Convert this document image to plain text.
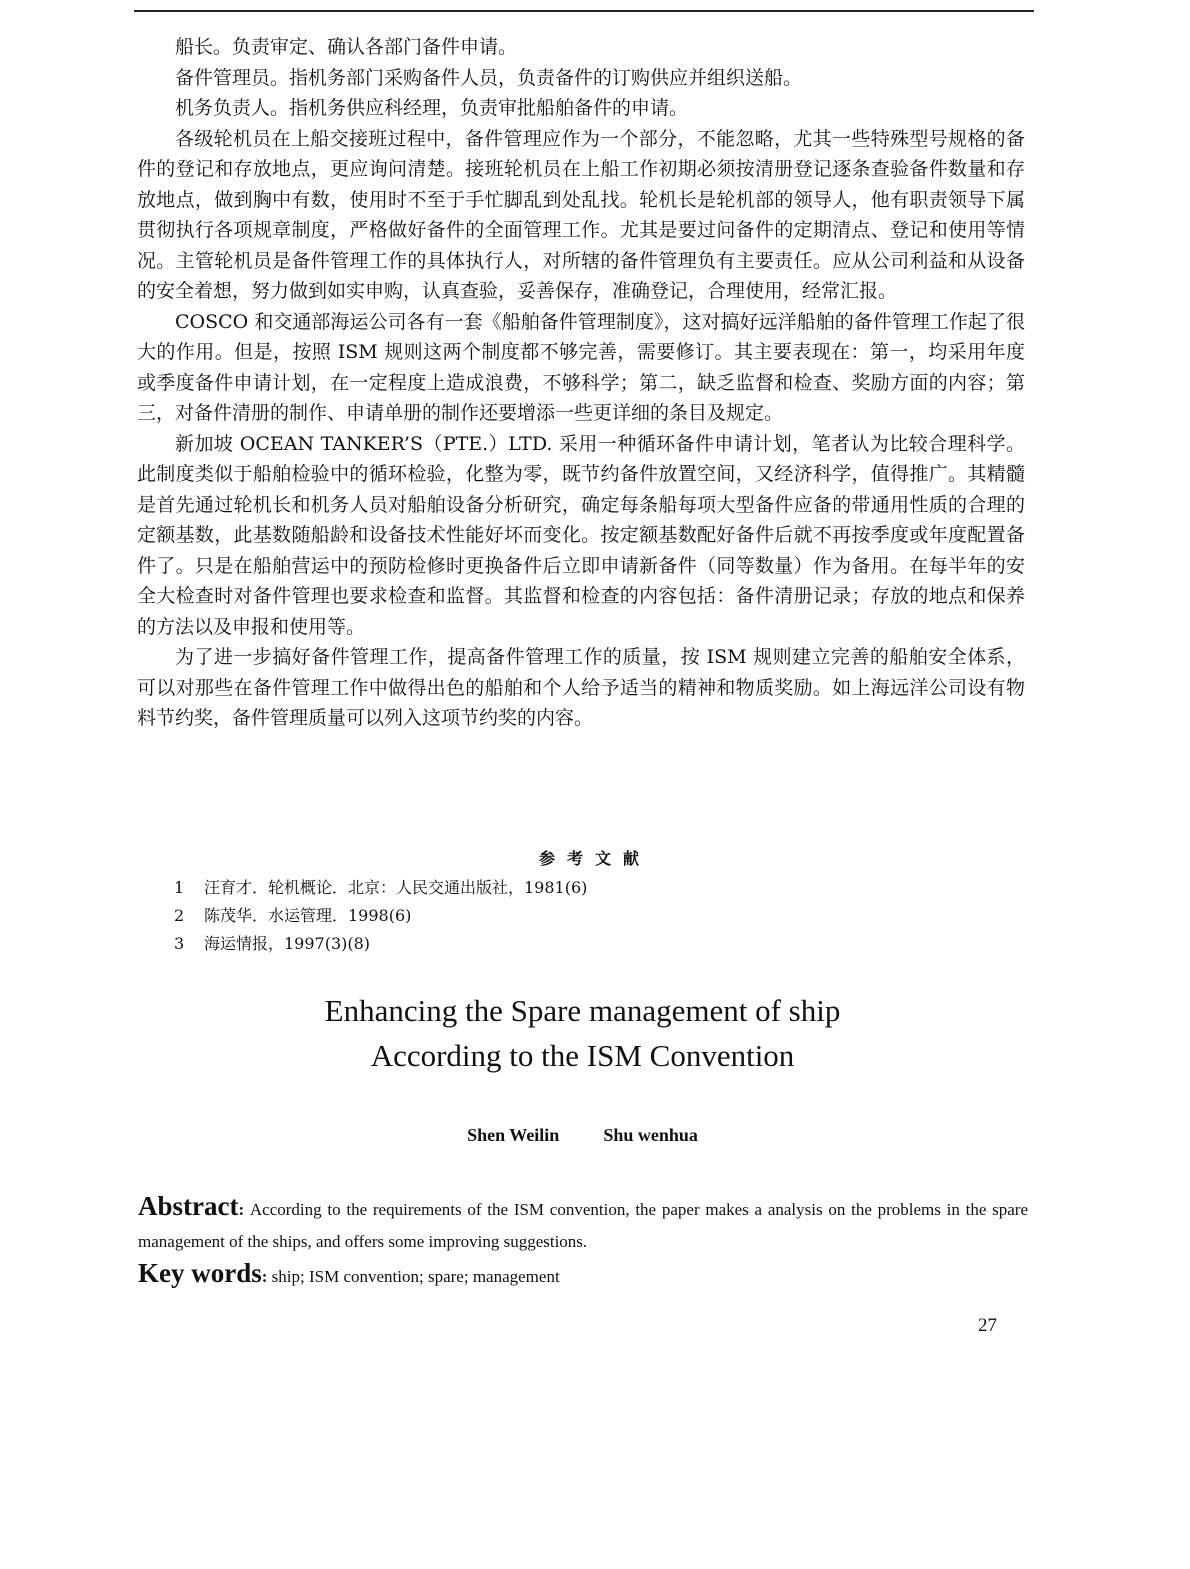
船长。负责审定、确认各部门备件申请。

备件管理员。指机务部门采购备件人员，负责备件的订购供应并组织送船。

机务负责人。指机务供应科经理，负责审批船舶备件的申请。

各级轮机员在上船交接班过程中，备件管理应作为一个部分，不能忽略，尤其一些特殊型号规格的备件的登记和存放地点，更应询问清楚。接班轮机员在上船工作初期必须按清册登记逐条查验备件数量和存放地点，做到胸中有数，使用时不至于手忙脚乱到处乱找。轮机长是轮机部的领导人，他有职责领导下属贯彻执行各项规章制度，严格做好备件的全面管理工作。尤其是要过问备件的定期清点、登记和使用等情况。主管轮机员是备件管理工作的具体执行人，对所辖的备件管理负有主要责任。应从公司利益和从设备的安全着想，努力做到如实申购，认真查验，妥善保存，准确登记，合理使用，经常汇报。

COSCO 和交通部海运公司各有一套《船舶备件管理制度》，这对搞好远洋船舶的备件管理工作起了很大的作用。但是，按照 ISM 规则这两个制度都不够完善，需要修订。其主要表现在：第一，均采用年度或季度备件申请计划，在一定程度上造成浪费，不够科学；第二，缺乏监督和检查、奖励方面的内容；第三，对备件清册的制作、申请单册的制作还要增添一些更详细的条目及规定。

新加坡 OCEAN TANKER’S（PTE.）LTD. 采用一种循环备件申请计划，笔者认为比较合理科学。此制度类似于船舶检验中的循环检验，化整为零，既节约备件放置空间，又经济科学，值得推广。其精髓是首先通过轮机长和机务人员对船舶设备分析研究，确定每条船每项大型备件应备的带通用性质的合理的定额基数，此基数随船龄和设备技术性能好坏而变化。按定额基数配好备件后就不再按季度或年度配置备件了。只是在船舶营运中的预防检修时更换备件后立即申请新备件（同等数量）作为备用。在每半年的安全大检查时对备件管理也要求检查和监督。其监督和检查的内容包括：备件清册记录；存放的地点和保养的方法以及申报和使用等。

为了进一步搞好备件管理工作，提高备件管理工作的质量，按 ISM 规则建立完善的船舶安全体系，可以对那些在备件管理工作中做得出色的船舶和个人给予适当的精神和物质奖励。如上海远洋公司设有物料节约奖，备件管理质量可以列入这项节约奖的内容。

参考文献
1	汪育才．轮机概论．北京：人民交通出版社，1981(6)
2	陈茂华．水运管理．1998(6)
3	海运情报，1997(3)(8)
Enhancing the Spare management of ship
According to the ISM Convention
Shen Weilin Shu wenhua
Abstract: According to the requirements of the ISM convention, the paper makes a analysis on the problems in the spare management of the ships, and offers some improving suggestions.
Key words: ship; ISM convention; spare; management
27
